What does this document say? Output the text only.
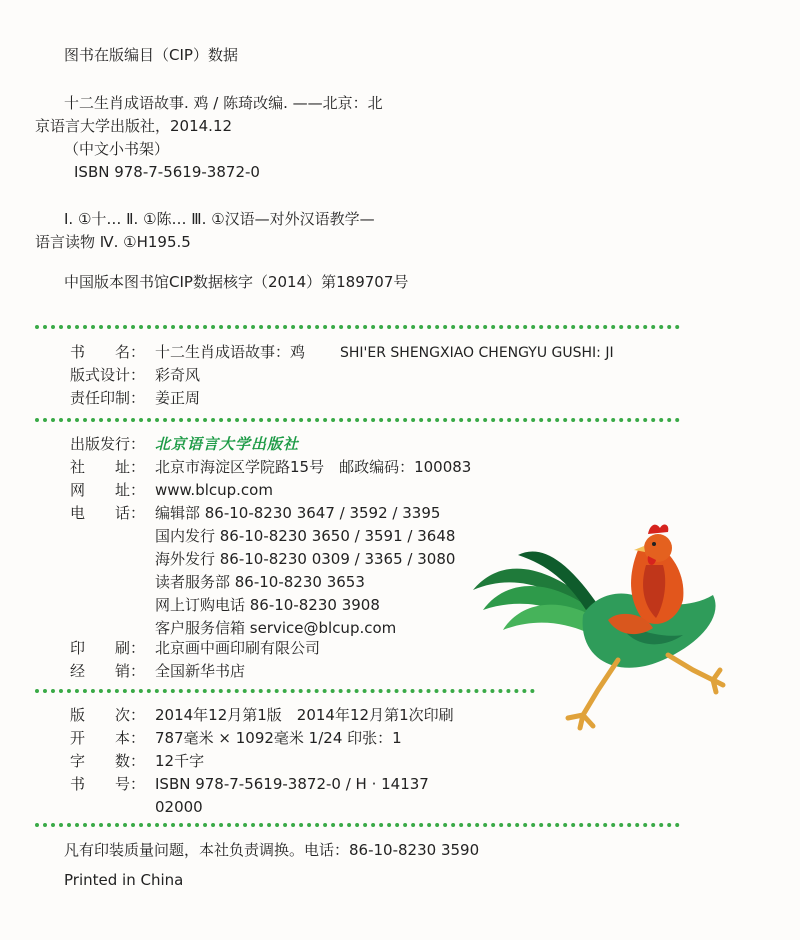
图书在版编目（CIP）数据
十二生肖成语故事. 鸡 / 陈琦改编. ——北京：北
京语言大学出版社，2014.12
（中文小书架）
ISBN 978-7-5619-3872-0
Ⅰ. ①十… Ⅱ. ①陈… Ⅲ. ①汉语—对外汉语教学—
语言读物 Ⅳ. ①H195.5
中国版本图书馆CIP数据核字（2014）第189707号
书　　名： 十二生肖成语故事：鸡 SHI'ER SHENGXIAO CHENGYU GUSHI: JI
版式设计： 彩奇风
责任印制： 姜正周
出版发行： 北京语言大学出版社
社　　址： 北京市海淀区学院路15号　邮政编码：100083
网　　址： www.blcup.com
电　　话： 编辑部 86-10-8230 3647 / 3592 / 3395
国内发行 86-10-8230 3650 / 3591 / 3648
海外发行 86-10-8230 0309 / 3365 / 3080
读者服务部 86-10-8230 3653
网上订购电话 86-10-8230 3908
客户服务信箱 service@blcup.com
印　　刷： 北京画中画印刷有限公司
经　　销： 全国新华书店
版　　次： 2014年12月第1版　2014年12月第1次印刷
开　　本： 787毫米 × 1092毫米 1/24 印张：1
字　　数： 12千字
书　　号： ISBN 978-7-5619-3872-0 / H · 14137
02000
凡有印装质量问题，本社负责调换。电话：86-10-8230 3590
Printed in China
